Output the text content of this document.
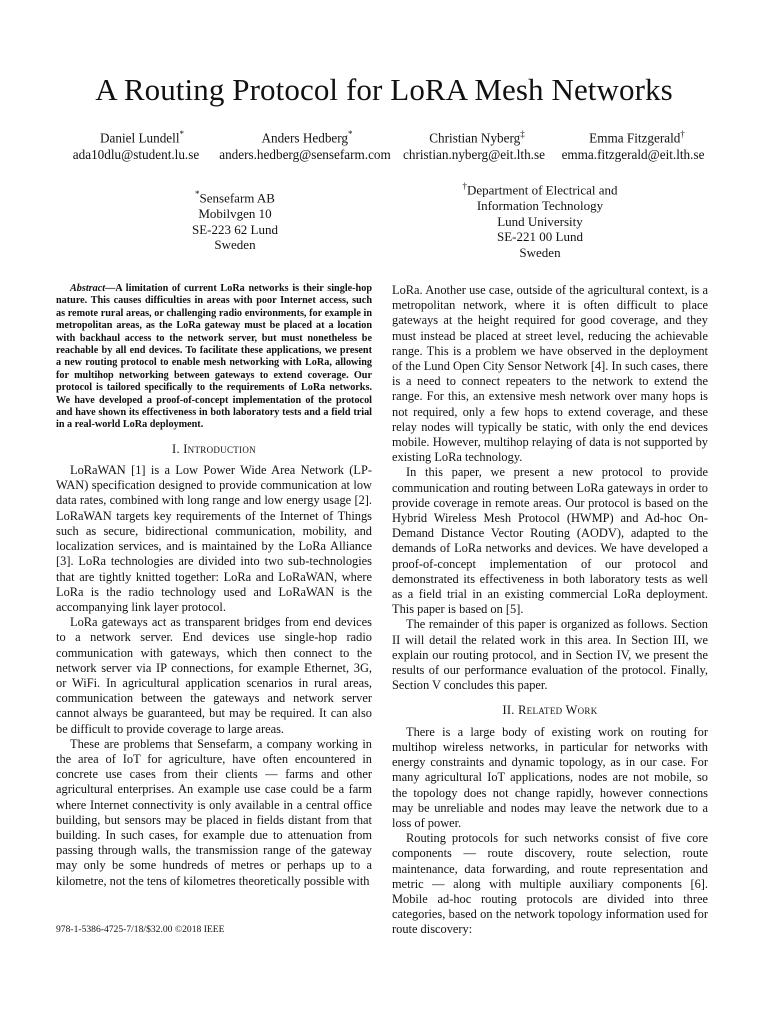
A Routing Protocol for LoRA Mesh Networks
Daniel Lundell*	Anders Hedberg*	Christian Nyberg‡	Emma Fitzgerald†
ada10dlu@student.lu.se	anders.hedberg@sensefarm.com christian.nyberg@eit.lth.se	emma.fitzgerald@eit.lth.se
*Sensefarm AB
Mobilvgen 10
SE-223 62 Lund
Sweden
†Department of Electrical and
Information Technology
Lund University
SE-221 00 Lund
Sweden

Abstract—A limitation of current LoRa networks is their single-hop nature. This causes difficulties in areas with poor Internet access, such as remote rural areas, or challenging radio environments, for example in metropolitan areas, as the LoRa gateway must be placed at a location with backhaul access to the network server, but must nonetheless be reachable by all end devices. To facilitate these applications, we present a new routing protocol to enable mesh networking with LoRa, allowing for multihop networking between gateways to extend coverage. Our protocol is tailored specifically to the requirements of LoRa networks. We have developed a proof-of-concept implementation of the protocol and have shown its effectiveness in both laboratory tests and a field trial in a real-world LoRa deployment.

I. Introduction

LoRaWAN [1] is a Low Power Wide Area Network (LP-WAN) specification designed to provide communication at low data rates, combined with long range and low energy usage [2]. LoRaWAN targets key requirements of the Internet of Things such as secure, bidirectional communication, mobility, and localization services, and is maintained by the LoRa Alliance [3]. LoRa technologies are divided into two sub-technologies that are tightly knitted together: LoRa and LoRaWAN, where LoRa is the radio technology used and LoRaWAN is the accompanying link layer protocol.

LoRa gateways act as transparent bridges from end devices to a network server. End devices use single-hop radio communication with gateways, which then connect to the network server via IP connections, for example Ethernet, 3G, or WiFi. In agricultural application scenarios in rural areas, communication between the gateways and network server cannot always be guaranteed, but may be required. It can also be difficult to provide coverage to large areas.

These are problems that Sensefarm, a company working in the area of IoT for agriculture, have often encountered in concrete use cases from their clients — farms and other agricultural enterprises. An example use case could be a farm where Internet connectivity is only available in a central office building, but sensors may be placed in fields distant from that building. In such cases, for example due to attenuation from passing through walls, the transmission range of the gateway may only be some hundreds of metres or perhaps up to a kilometre, not the tens of kilometres theoretically possible with

LoRa. Another use case, outside of the agricultural context, is a metropolitan network, where it is often difficult to place gateways at the height required for good coverage, and they must instead be placed at street level, reducing the achievable range. This is a problem we have observed in the deployment of the Lund Open City Sensor Network [4]. In such cases, there is a need to connect repeaters to the network to extend the range. For this, an extensive mesh network over many hops is not required, only a few hops to extend coverage, and these relay nodes will typically be static, with only the end devices mobile. However, multihop relaying of data is not supported by existing LoRa technology.

In this paper, we present a new protocol to provide communication and routing between LoRa gateways in order to provide coverage in remote areas. Our protocol is based on the Hybrid Wireless Mesh Protocol (HWMP) and Ad-hoc On-Demand Distance Vector Routing (AODV), adapted to the demands of LoRa networks and devices. We have developed a proof-of-concept implementation of our protocol and demonstrated its effectiveness in both laboratory tests as well as a field trial in an existing commercial LoRa deployment. This paper is based on [5].

The remainder of this paper is organized as follows. Section II will detail the related work in this area. In Section III, we explain our routing protocol, and in Section IV, we present the results of our performance evaluation of the protocol. Finally, Section V concludes this paper.

II. Related Work

There is a large body of existing work on routing for multihop wireless networks, in particular for networks with energy constraints and dynamic topology, as in our case. For many agricultural IoT applications, nodes are not mobile, so the topology does not change rapidly, however connections may be unreliable and nodes may leave the network due to a loss of power.

Routing protocols for such networks consist of five core components — route discovery, route selection, route maintenance, data forwarding, and route representation and metric — along with multiple auxiliary components [6]. Mobile ad-hoc routing protocols are divided into three categories, based on the network topology information used for route discovery:

978-1-5386-4725-7/18/$32.00 ©2018 IEEE
